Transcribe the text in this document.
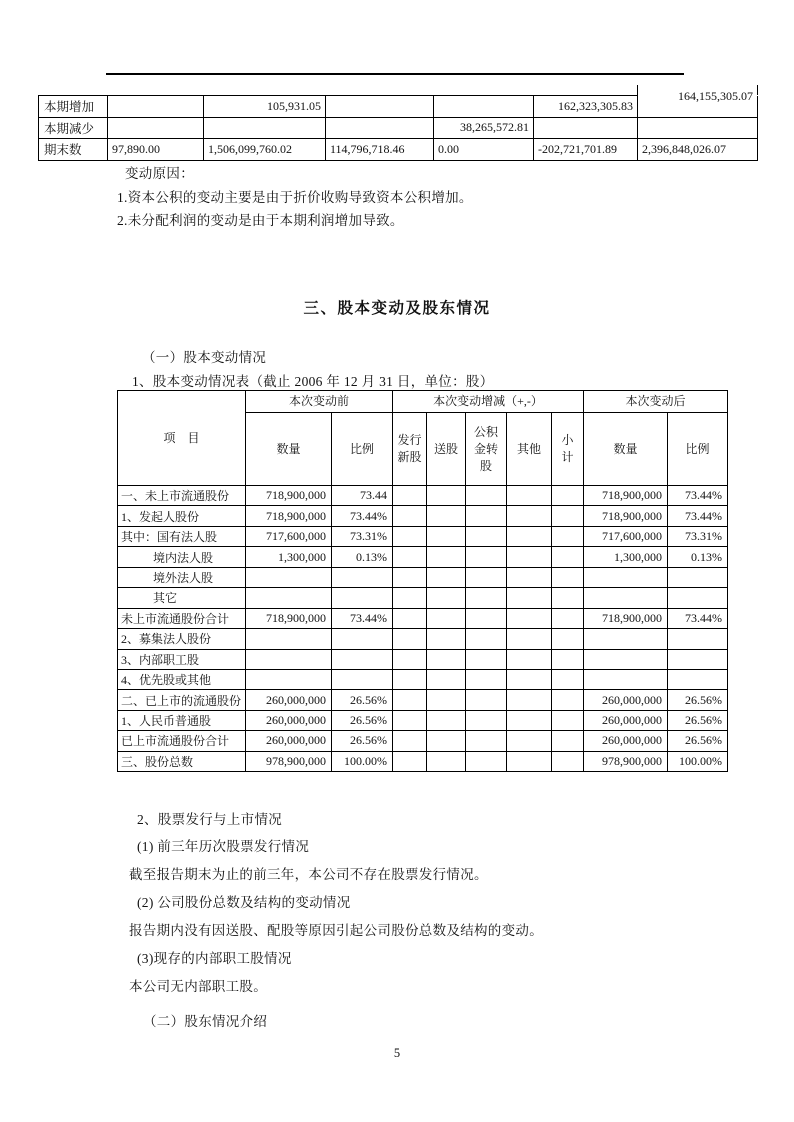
本期增加		105,931.05			162,323,305.83	164,155,305.07

本期减少				38,265,572.81		
期末数	97,890.00	1,506,099,760.02	114,796,718.46	0.00	-202,721,701.89	2,396,848,026.07
变动原因：
1.资本公积的变动主要是由于折价收购导致资本公积增加。
2.未分配利润的变动是由于本期利润增加导致。
三、股本变动及股东情况
（一）股本变动情况
1、股本变动情况表（截止 2006 年 12 月 31 日，单位：股）
项　目	本次变动前		本次变动增减（+,-）					本次变动后	
	数量	比例	发行新股	送股	公积金转股	其他	小计	数量	比例
一、未上市流通股份	718,900,000	73.44						718,900,000	73.44%
1、发起人股份	718,900,000	73.44%						718,900,000	73.44%
其中：国有法人股	717,600,000	73.31%						717,600,000	73.31%
境内法人股	1,300,000	0.13%						1,300,000	0.13%
境外法人股									
其它									
未上市流通股份合计	718,900,000	73.44%						718,900,000	73.44%
2、募集法人股份									
3、内部职工股									
4、优先股或其他									
二、已上市的流通股份	260,000,000	26.56%						260,000,000	26.56%
1、人民币普通股	260,000,000	26.56%						260,000,000	26.56%
已上市流通股份合计	260,000,000	26.56%						260,000,000	26.56%
三、股份总数	978,900,000	100.00%						978,900,000	100.00%
2、股票发行与上市情况
(1) 前三年历次股票发行情况
截至报告期末为止的前三年，本公司不存在股票发行情况。
(2) 公司股份总数及结构的变动情况
报告期内没有因送股、配股等原因引起公司股份总数及结构的变动。
(3)现存的内部职工股情况
本公司无内部职工股。
（二）股东情况介绍
5
